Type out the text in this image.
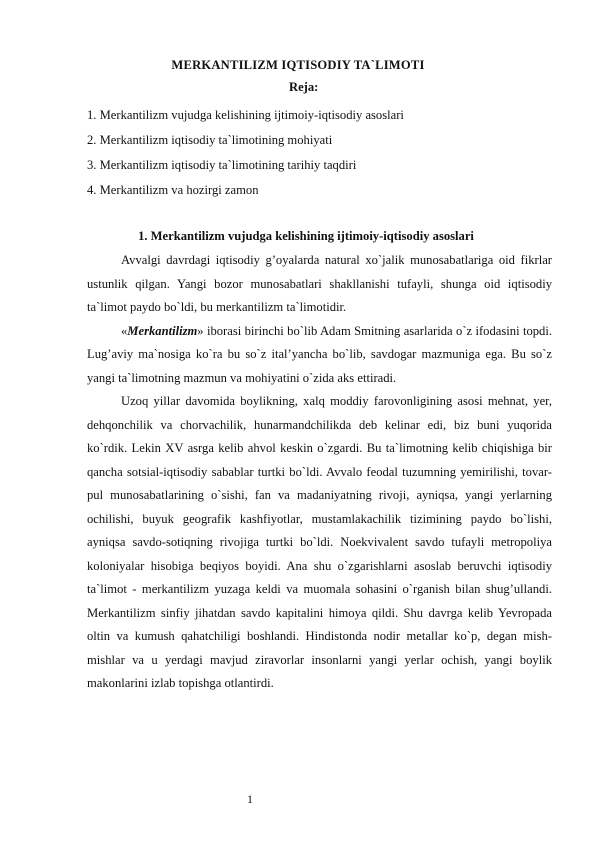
MERKANTILIZM IQTISODIY TA`LIMOTI
Reja:
1. Merkantilizm vujudga kelishining ijtimoiy-iqtisodiy asoslari
2. Merkantilizm iqtisodiy ta`limotining mohiyati
3. Merkantilizm iqtisodiy ta`limotining tarihiy taqdiri
4. Merkantilizm va hozirgi zamon
1. Merkantilizm vujudga kelishining ijtimoiy-iqtisodiy asoslari

Avvalgi davrdagi iqtisodiy g’oyalarda natural xo`jalik munosabatlariga oid fikrlar ustunlik qilgan. Yangi bozor munosabatlari shakllanishi tufayli, shunga oid iqtisodiy ta`limot paydo bo`ldi, bu merkantilizm ta`limotidir.

«Merkantilizm» iborasi birinchi bo`lib Adam Smitning asarlarida o`z ifodasini topdi. Lug’aviy ma`nosiga ko`ra bu so`z ital’yancha bo`lib, savdogar mazmuniga ega. Bu so`z yangi ta`limotning mazmun va mohiyatini o`zida aks ettiradi.

Uzoq yillar davomida boylikning, xalq moddiy farovonligining asosi mehnat, yer, dehqonchilik va chorvachilik, hunarmandchilikda deb kelinar edi, biz buni yuqorida ko`rdik. Lekin XV asrga kelib ahvol keskin o`zgardi. Bu ta`limotning kelib chiqishiga bir qancha sotsial-iqtisodiy sabablar turtki bo`ldi. Avvalo feodal tuzumning yemirilishi, tovar-pul munosabatlarining o`sishi, fan va madaniyatning rivoji, ayniqsa, yangi yerlarning ochilishi, buyuk geografik kashfiyotlar, mustamlakachilik tizimining paydo bo`lishi, ayniqsa savdo-sotiqning rivojiga turtki bo`ldi. Noekvivalent savdo tufayli metropoliya koloniyalar hisobiga beqiyos boyidi. Ana shu o`zgarishlarni asoslab beruvchi iqtisodiy ta`limot - merkantilizm yuzaga keldi va muomala sohasini o`rganish bilan shug’ullandi. Merkantilizm sinfiy jihatdan savdo kapitalini himoya qildi. Shu davrga kelib Yevropada oltin va kumush qahatchiligi boshlandi. Hindistonda nodir metallar ko`p, degan mish-mishlar va u yerdagi mavjud ziravorlar insonlarni yangi yerlar ochish, yangi boylik makonlarini izlab topishga otlantirdi.

1
